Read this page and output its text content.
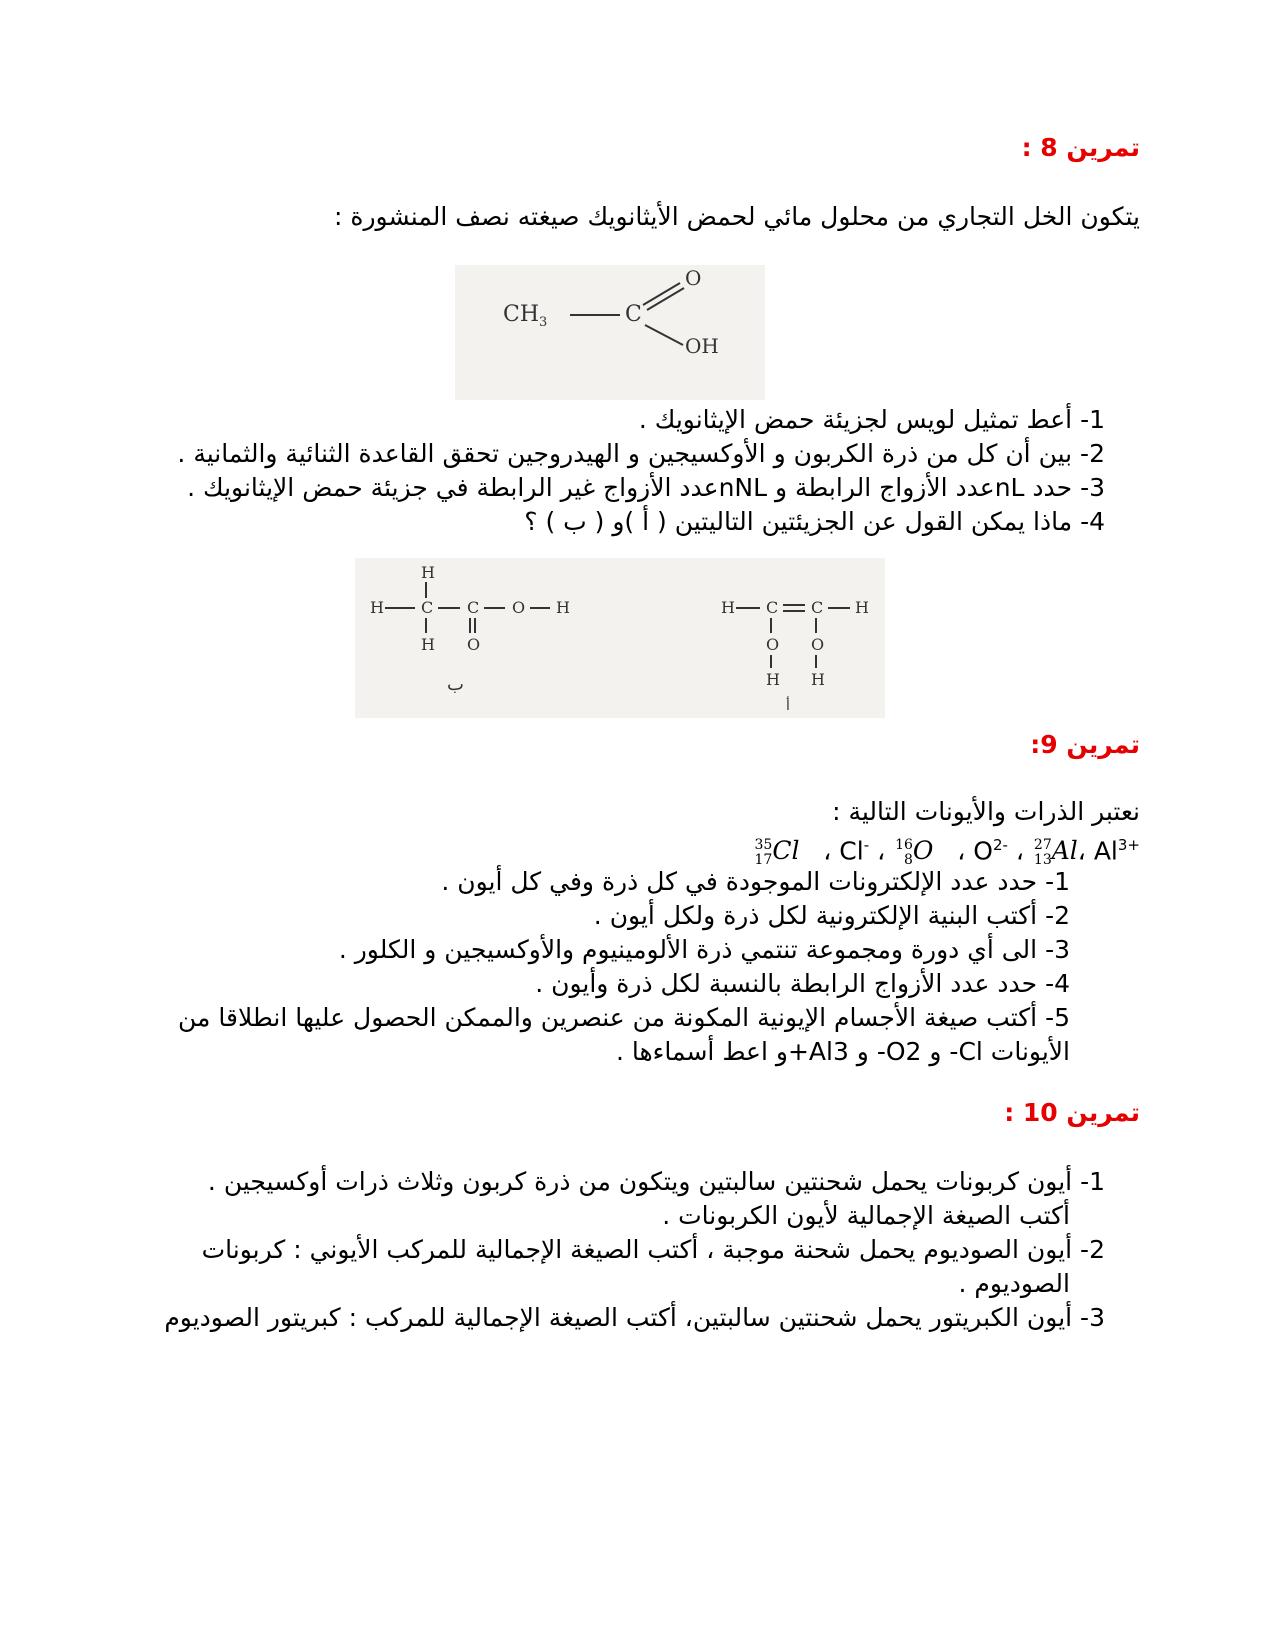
تمرين 8 :
يتكون الخل التجاري من محلول مائي لحمض الأيثانويك صيغته نصف المنشورة :
$CH_3$	C
O
OH
1- أعط تمثيل لويس لجزيئة حمض الإيثانويك .
2- بين أن كل من ذرة الكربون و الأوكسيجين و الهيدروجين تحقق القاعدة الثنائية والثمانية .
3- حدد nLعدد الأزواج الرابطة و nNLعدد الأزواج غير الرابطة في جزيئة حمض الإيثانويك .
4- ماذا يمكن القول عن الجزيئتين التاليتين ( أ )و ( ب ) ؟
H
H C C O H
H O
ب
H C C H
O
H
O
H
أ
تمرين 9:
نعتبر الذرات والأيونات التالية :
35
17Cl   ، Cl- ، 16
8O   ، $O^{2-}$ ، 27
13Al، $Al^{3+}$
1- حدد عدد الإلكترونات الموجودة في كل ذرة وفي كل أيون .
2- أكتب البنية الإلكترونية لكل ذرة ولكل أيون .
3- الى أي دورة ومجموعة تنتمي ذرة الألومينيوم والأوكسيجين و الكلور .
4- حدد عدد الأزواج الرابطة بالنسبة لكل ذرة وأيون .
5- أكتب صيغة الأجسام الإيونية المكونة من عنصرين والممكن الحصول عليها انطلاقا من
الأيونات Cl- و O2- و Al3+و اعط أسماءها .
تمرين 10 :
1- أيون كربونات يحمل شحنتين سالبتين ويتكون من ذرة كربون وثلاث ذرات أوكسيجين .
أكتب الصيغة الإجمالية لأيون الكربونات .
2- أيون الصوديوم يحمل شحنة موجبة ، أكتب الصيغة الإجمالية للمركب الأيوني : كربونات
الصوديوم .
3- أيون الكبريتور يحمل شحنتين سالبتين، أكتب الصيغة الإجمالية للمركب : كبريتور الصوديوم
